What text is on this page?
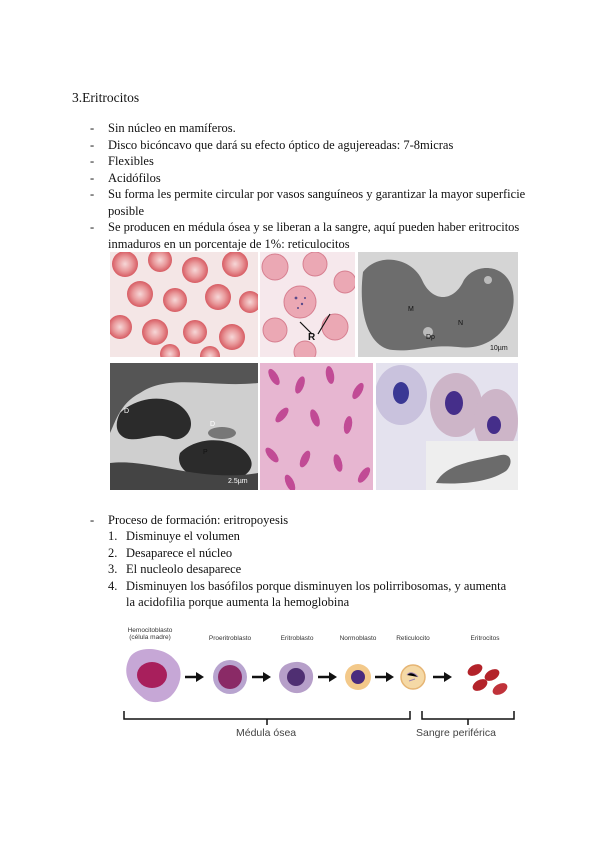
3.Eritrocitos
- Sin núcleo en mamíferos.
- Disco bicóncavo que dará su efecto óptico de agujereadas: 7-8micras
- Flexibles
- Acidófilos
- Su forma les permite circular por vasos sanguíneos y garantizar la mayor superficie posible
- Se producen en médula ósea y se liberan a la sangre, aquí pueden haber eritrocitos inmaduros en un porcentaje de 1%: reticulocitos
R
M
N
Dp
10µm
D
D
P
2.5µm
- Proceso de formación: eritropoyesis
1. Disminuye el volumen
2. Desaparece el núcleo
3. El nucleolo desaparece
4. Disminuyen los basófilos porque disminuyen los polirribosomas, y aumenta la acidofilia porque aumenta la hemoglobina
Hemocitoblasto
(célula madre)	Proeritroblasto	Eritroblasto	Normoblasto	Reticulocito	Eritrocitos
Médula ósea	Sangre periférica
